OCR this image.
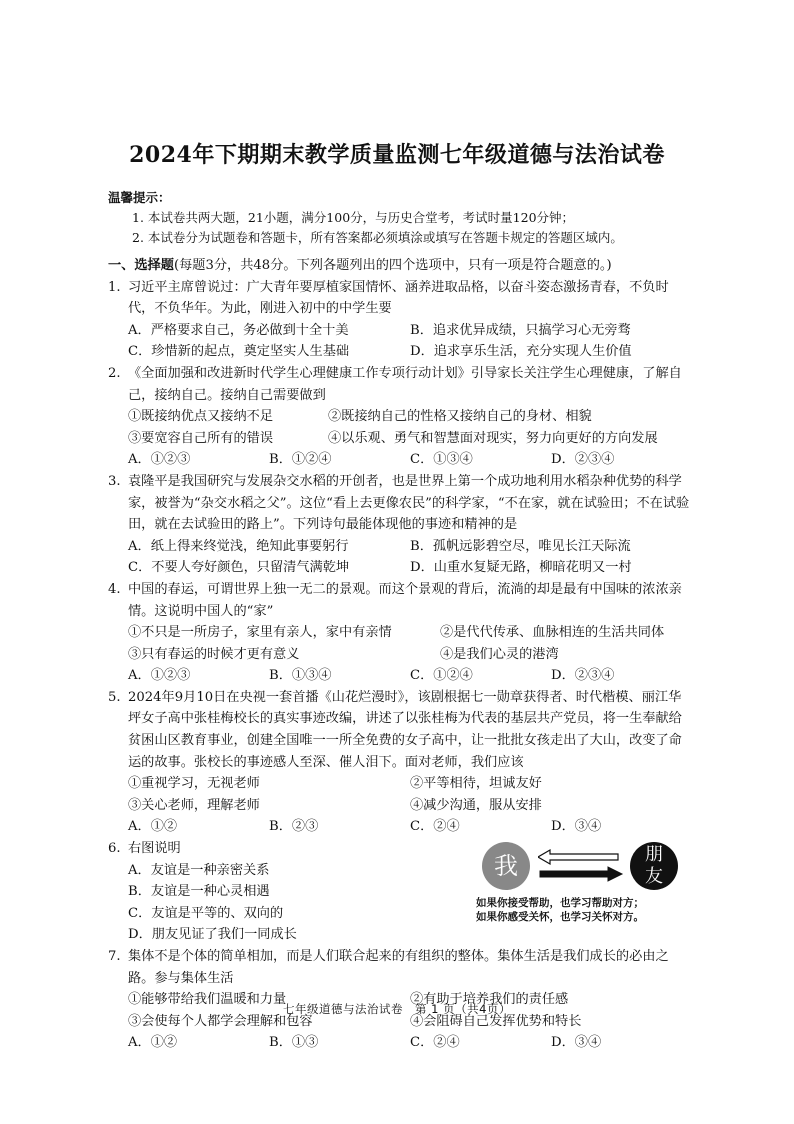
2024年下期期末教学质量监测七年级道德与法治试卷
温馨提示：
1. 本试卷共两大题，21小题，满分100分，与历史合堂考，考试时量120分钟；
2. 本试卷分为试题卷和答题卡，所有答案都必须填涂或填写在答题卡规定的答题区域内。
一、选择题(每题3分，共48分。下列各题列出的四个选项中，只有一项是符合题意的。)
1. 习近平主席曾说过：广大青年要厚植家国情怀、涵养进取品格，以奋斗姿态激扬青春，不负时代，不负华年。为此，刚进入初中的中学生要
A．严格要求自己，务必做到十全十美	B．追求优异成绩，只搞学习心无旁骛
C．珍惜新的起点，奠定坚实人生基础	D．追求享乐生活，充分实现人生价值
2. 《全面加强和改进新时代学生心理健康工作专项行动计划》引导家长关注学生心理健康，了解自己，接纳自己。接纳自己需要做到
①既接纳优点又接纳不足	②既接纳自己的性格又接纳自己的身材、相貌
③要宽容自己所有的错误	④以乐观、勇气和智慧面对现实，努力向更好的方向发展
A．①②③	B．①②④	C．①③④	D．②③④
3. 袁隆平是我国研究与发展杂交水稻的开创者，也是世界上第一个成功地利用水稻杂种优势的科学家，被誉为“杂交水稻之父”。这位“看上去更像农民”的科学家，“不在家，就在试验田；不在试验田，就在去试验田的路上”。下列诗句最能体现他的事迹和精神的是
A．纸上得来终觉浅，绝知此事要躬行	B．孤帆远影碧空尽，唯见长江天际流
C．不要人夸好颜色，只留清气满乾坤	D．山重水复疑无路，柳暗花明又一村
4. 中国的春运，可谓世界上独一无二的景观。而这个景观的背后，流淌的却是最有中国味的浓浓亲情。这说明中国人的“家”
①不只是一所房子，家里有亲人，家中有亲情	②是代代传承、血脉相连的生活共同体
③只有春运的时候才更有意义	④是我们心灵的港湾
A．①②③	B．①③④	C．①②④	D．②③④
5. 2024年9月10日在央视一套首播《山花烂漫时》，该剧根据七一勋章获得者、时代楷模、丽江华坪女子高中张桂梅校长的真实事迹改编，讲述了以张桂梅为代表的基层共产党员，将一生奉献给贫困山区教育事业，创建全国唯一一所全免费的女子高中，让一批批女孩走出了大山，改变了命运的故事。张校长的事迹感人至深、催人泪下。面对老师，我们应该
①重视学习，无视老师	②平等相待，坦诚友好
③关心老师，理解老师	④减少沟通，服从安排
A．①②	B．②③	C．②④	D．③④
6. 右图说明
A．友谊是一种亲密关系
B．友谊是一种心灵相遇
C．友谊是平等的、双向的
D．朋友见证了我们一同成长
我	朋
友
如果你接受帮助，也学习帮助对方；
如果你感受关怀，也学习关怀对方。
7. 集体不是个体的简单相加，而是人们联合起来的有组织的整体。集体生活是我们成长的必由之路。参与集体生活
①能够带给我们温暖和力量	②有助于培养我们的责任感
③会使每个人都学会理解和包容	④会阻碍自己发挥优势和特长
A．①②	B．①③	C．②④	D．③④
七年级道德与法治试卷　第 1 页（共4页）
